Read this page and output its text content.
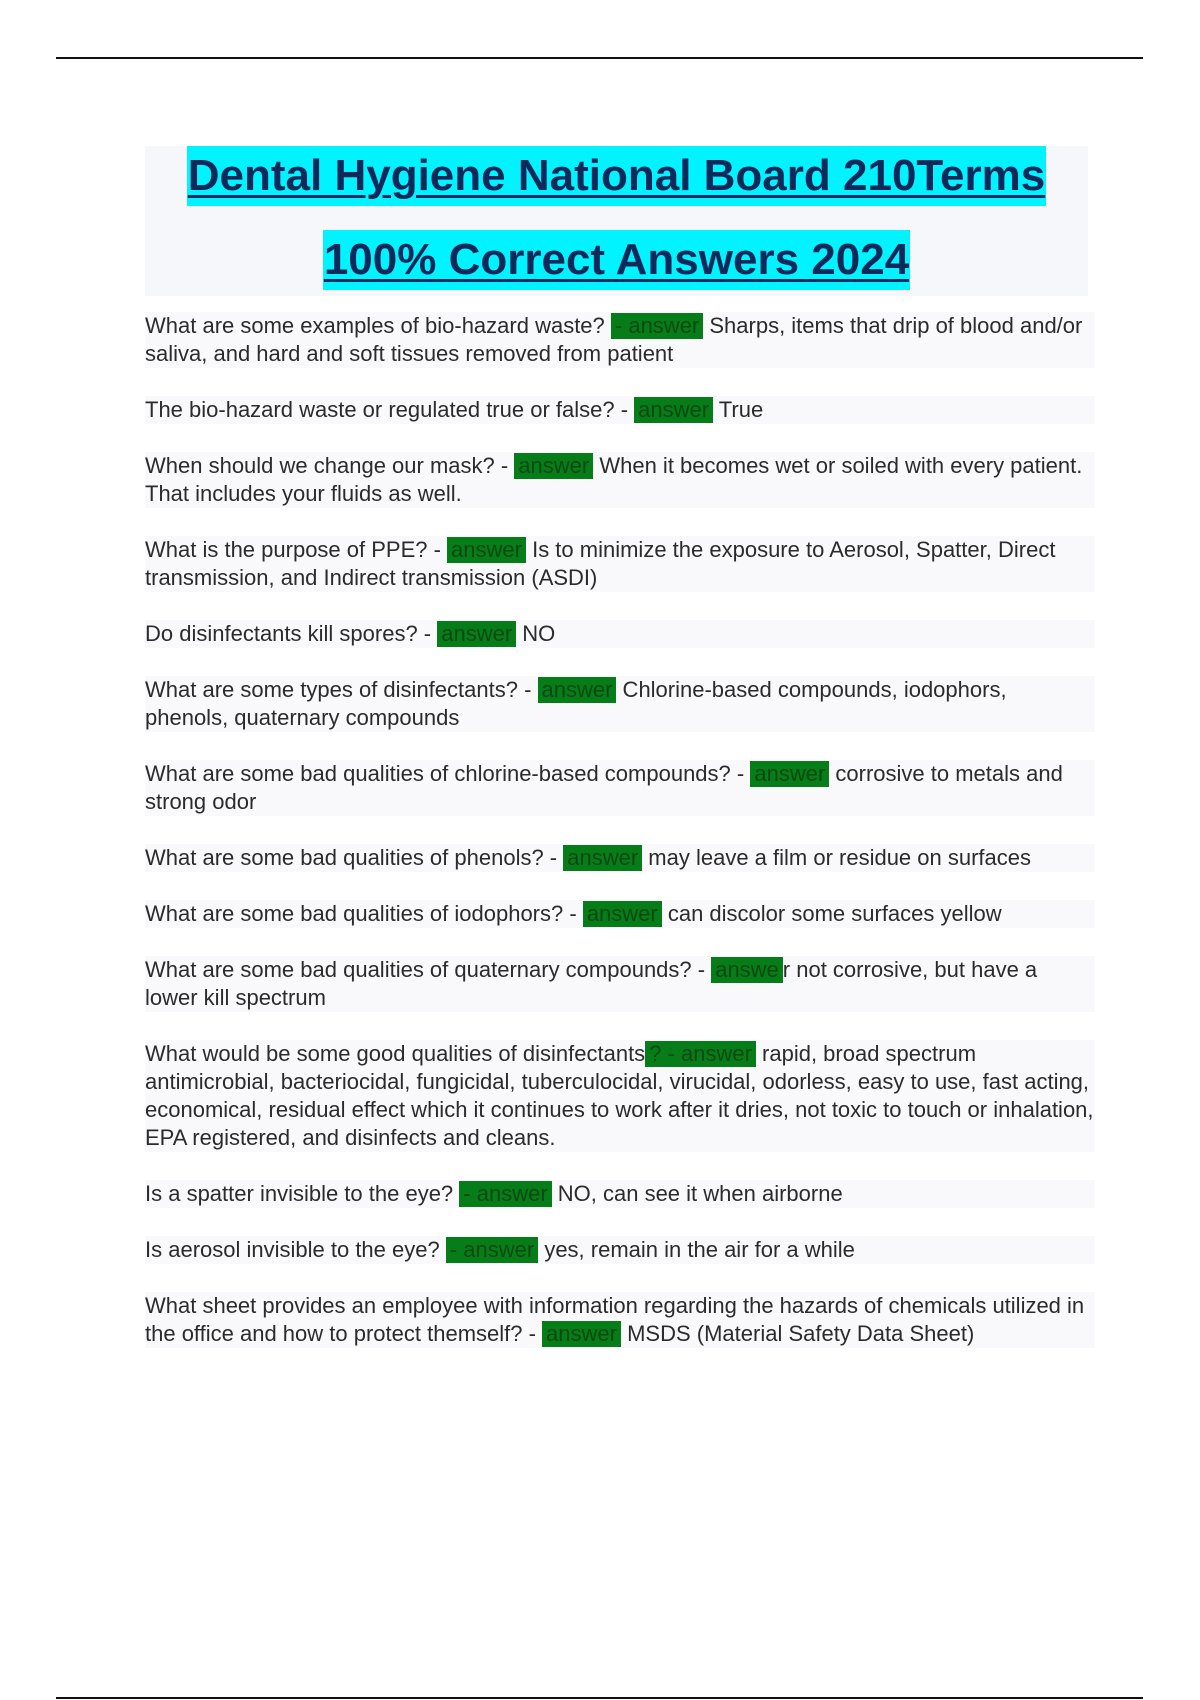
Dental Hygiene National Board 210Terms
100% Correct Answers 2024

What are some examples of bio-hazard waste? - answer Sharps, items that drip of blood and/or saliva, and hard and soft tissues removed from patient

The bio-hazard waste or regulated true or false? - answer True

When should we change our mask? - answer When it becomes wet or soiled with every patient. That includes your fluids as well.

What is the purpose of PPE? - answer Is to minimize the exposure to Aerosol, Spatter, Direct transmission, and Indirect transmission (ASDI)

Do disinfectants kill spores? - answer NO

What are some types of disinfectants? - answer Chlorine-based compounds, iodophors, phenols, quaternary compounds

What are some bad qualities of chlorine-based compounds? - answer corrosive to metals and strong odor

What are some bad qualities of phenols? - answer may leave a film or residue on surfaces

What are some bad qualities of iodophors? - answer can discolor some surfaces yellow

What are some bad qualities of quaternary compounds? - answe r not corrosive, but have a lower kill spectrum

What would be some good qualities of disinfectants ? - answer rapid, broad spectrum antimicrobial, bacteriocidal, fungicidal, tuberculocidal, virucidal, odorless, easy to use, fast acting, economical, residual effect which it continues to work after it dries, not toxic to touch or inhalation, EPA registered, and disinfects and cleans.

Is a spatter invisible to the eye? - answer NO, can see it when airborne

Is aerosol invisible to the eye? - answer yes, remain in the air for a while

What sheet provides an employee with information regarding the hazards of chemicals utilized in the office and how to protect themself? - answer MSDS (Material Safety Data Sheet)
